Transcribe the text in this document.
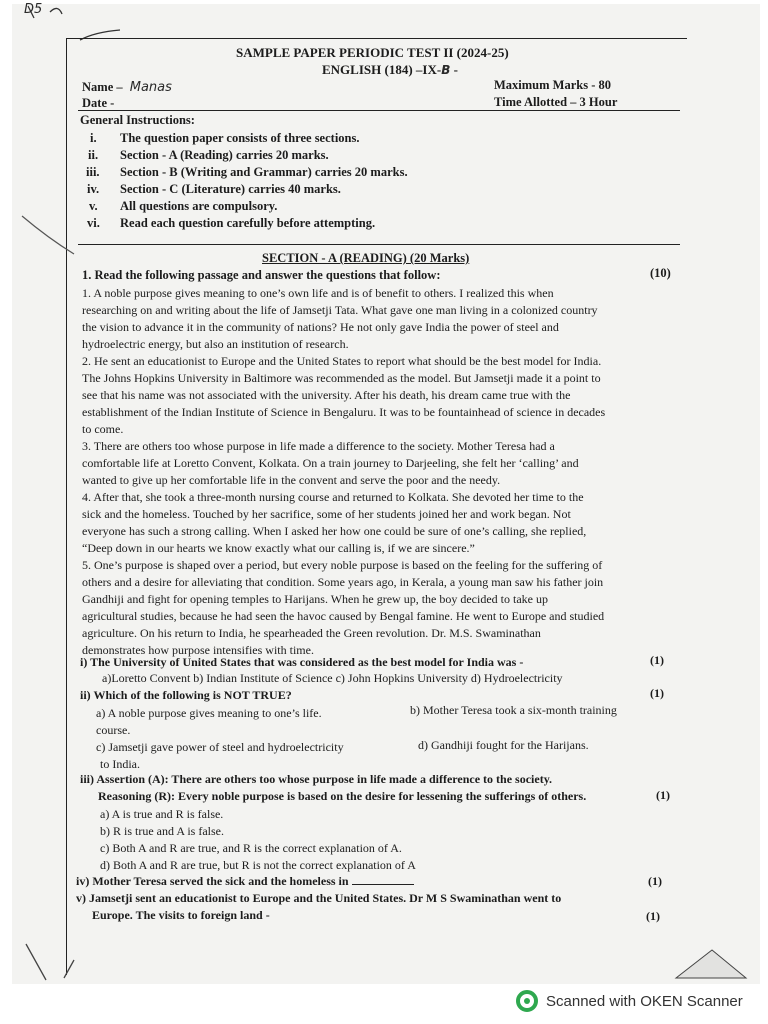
D5
SAMPLE PAPER PERIODIC TEST II (2024-25)
ENGLISH (184) –IX-B -
Name – Manas
Date -
Maximum Marks - 80
Time Allotted – 3 Hour
General Instructions:
i. The question paper consists of three sections.
ii. Section - A (Reading) carries 20 marks.
iii. Section - B (Writing and Grammar) carries 20 marks.
iv. Section - C (Literature) carries 40 marks.
v. All questions are compulsory.
vi. Read each question carefully before attempting.
SECTION - A (READING) (20 Marks)
1. Read the following passage and answer the questions that follow:	(10)
1. A noble purpose gives meaning to one’s own life and is of benefit to others. I realized this when
researching on and writing about the life of Jamsetji Tata. What gave one man living in a colonized country
the vision to advance it in the community of nations? He not only gave India the power of steel and
hydroelectric energy, but also an institution of research.
2. He sent an educationist to Europe and the United States to report what should be the best model for India.
The Johns Hopkins University in Baltimore was recommended as the model. But Jamsetji made it a point to
see that his name was not associated with the university. After his death, his dream came true with the
establishment of the Indian Institute of Science in Bengaluru. It was to be fountainhead of science in decades
to come.
3. There are others too whose purpose in life made a difference to the society. Mother Teresa had a
comfortable life at Loretto Convent, Kolkata. On a train journey to Darjeeling, she felt her ‘calling’ and
wanted to give up her comfortable life in the convent and serve the poor and the needy.
4. After that, she took a three-month nursing course and returned to Kolkata. She devoted her time to the
sick and the homeless. Touched by her sacrifice, some of her students joined her and work began. Not
everyone has such a strong calling. When I asked her how one could be sure of one’s calling, she replied,
“Deep down in our hearts we know exactly what our calling is, if we are sincere.”
5. One’s purpose is shaped over a period, but every noble purpose is based on the feeling for the suffering of
others and a desire for alleviating that condition. Some years ago, in Kerala, a young man saw his father join
Gandhiji and fight for opening temples to Harijans. When he grew up, the boy decided to take up
agricultural studies, because he had seen the havoc caused by Bengal famine. He went to Europe and studied
agriculture. On his return to India, he spearheaded the Green revolution. Dr. M.S. Swaminathan
demonstrates how purpose intensifies with time.
i) The University of United States that was considered as the best model for India was -	(1)
a)Loretto Convent b) Indian Institute of Science c) John Hopkins University d) Hydroelectricity
ii) Which of the following is NOT TRUE?	(1)
a) A noble purpose gives meaning to one’s life.	b) Mother Teresa took a six-month training
course.
c) Jamsetji gave power of steel and hydroelectricity	d) Gandhiji fought for the Harijans.
to India.
iii) Assertion (A): There are others too whose purpose in life made a difference to the society.
Reasoning (R): Every noble purpose is based on the desire for lessening the sufferings of others.	(1)
a) A is true and R is false.
b) R is true and A is false.
c) Both A and R are true, and R is the correct explanation of A.
d) Both A and R are true, but R is not the correct explanation of A
iv) Mother Teresa served the sick and the homeless in	(1)
v) Jamsetji sent an educationist to Europe and the United States. Dr M S Swaminathan went to
Europe. The visits to foreign land -	(1)
Scanned with OKEN Scanner
